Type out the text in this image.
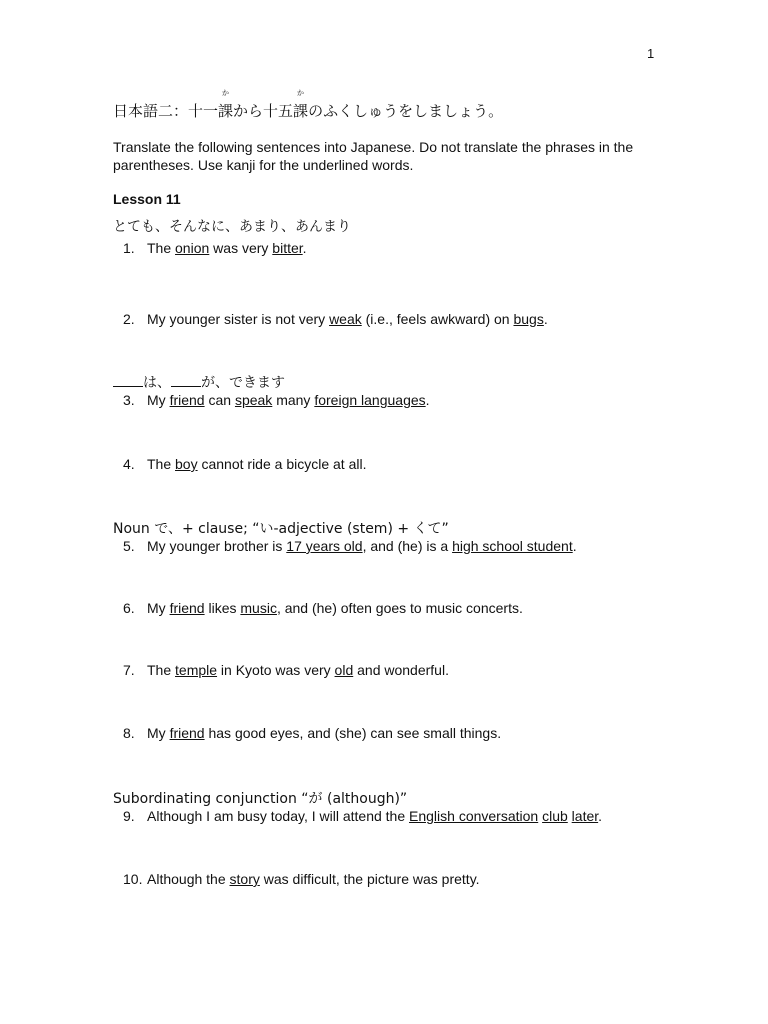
1
日本語二：十一
か
課から十五
か
課のふくしゅうをしましょう。
Translate the following sentences into Japanese. Do not translate the phrases in the parentheses. Use kanji for the underlined words.
Lesson 11
とても、そんなに、あまり、あんまり
1. The onion was very bitter.
2. My younger sister is not very weak (i.e., feels awkward) on bugs.
は、 が、できます
3. My friend can speak many foreign languages.
4. The boy cannot ride a bicycle at all.
Noun で、+ clause; “い-adjective (stem) + くて”
5. My younger brother is 17 years old, and (he) is a high school student.
6. My friend likes music, and (he) often goes to music concerts.
7. The temple in Kyoto was very old and wonderful.
8. My friend has good eyes, and (she) can see small things.
Subordinating conjunction “が (although)”
9. Although I am busy today, I will attend the English conversation club later.
10. Although the story was difficult, the picture was pretty.
